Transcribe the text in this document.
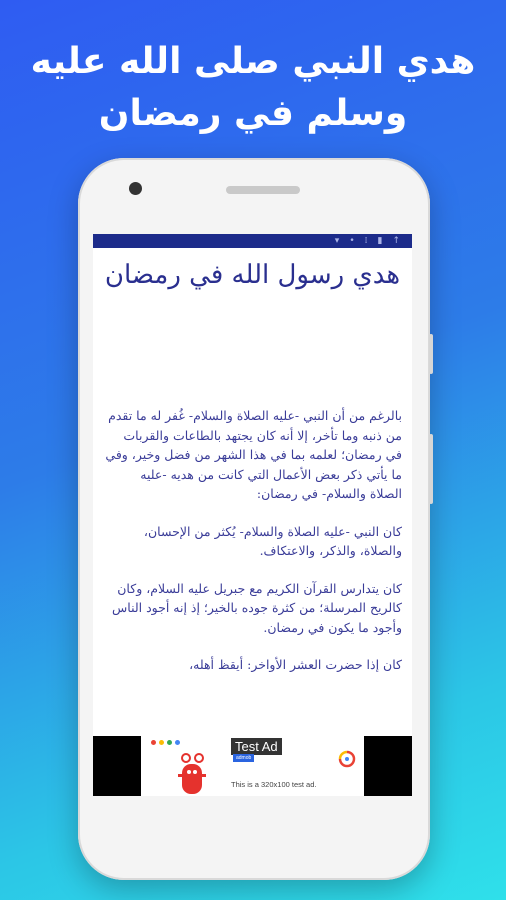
هدي النبي صلى الله عليه
وسلم في رمضان
↑
▮
⁞
•
▾
هدي رسول الله في رمضان

بالرغم من أن النبي -عليه الصلاة والسلام- غُفر له ما تقدم من ذنبه وما تأخر، إلا أنه كان يجتهد بالطاعات والقربات في رمضان؛ لعلمه بما في هذا الشهر من فضل وخير، وفي ما يأتي ذكر بعض الأعمال التي كانت من هديه -عليه الصلاة والسلام- في رمضان:

كان النبي -عليه الصلاة والسلام- يُكثر من الإحسان، والصلاة، والذكر، والاعتكاف.

كان يتدارس القرآن الكريم مع جبريل عليه السلام، وكان كالريح المرسلة؛ من كثرة جوده بالخير؛ إذ إنه أجود الناس وأجود ما يكون في رمضان.

كان إذا حضرت العشر الأواخر: أيقظ أهله،

Test Ad
admob
This is a 320x100 test ad.
